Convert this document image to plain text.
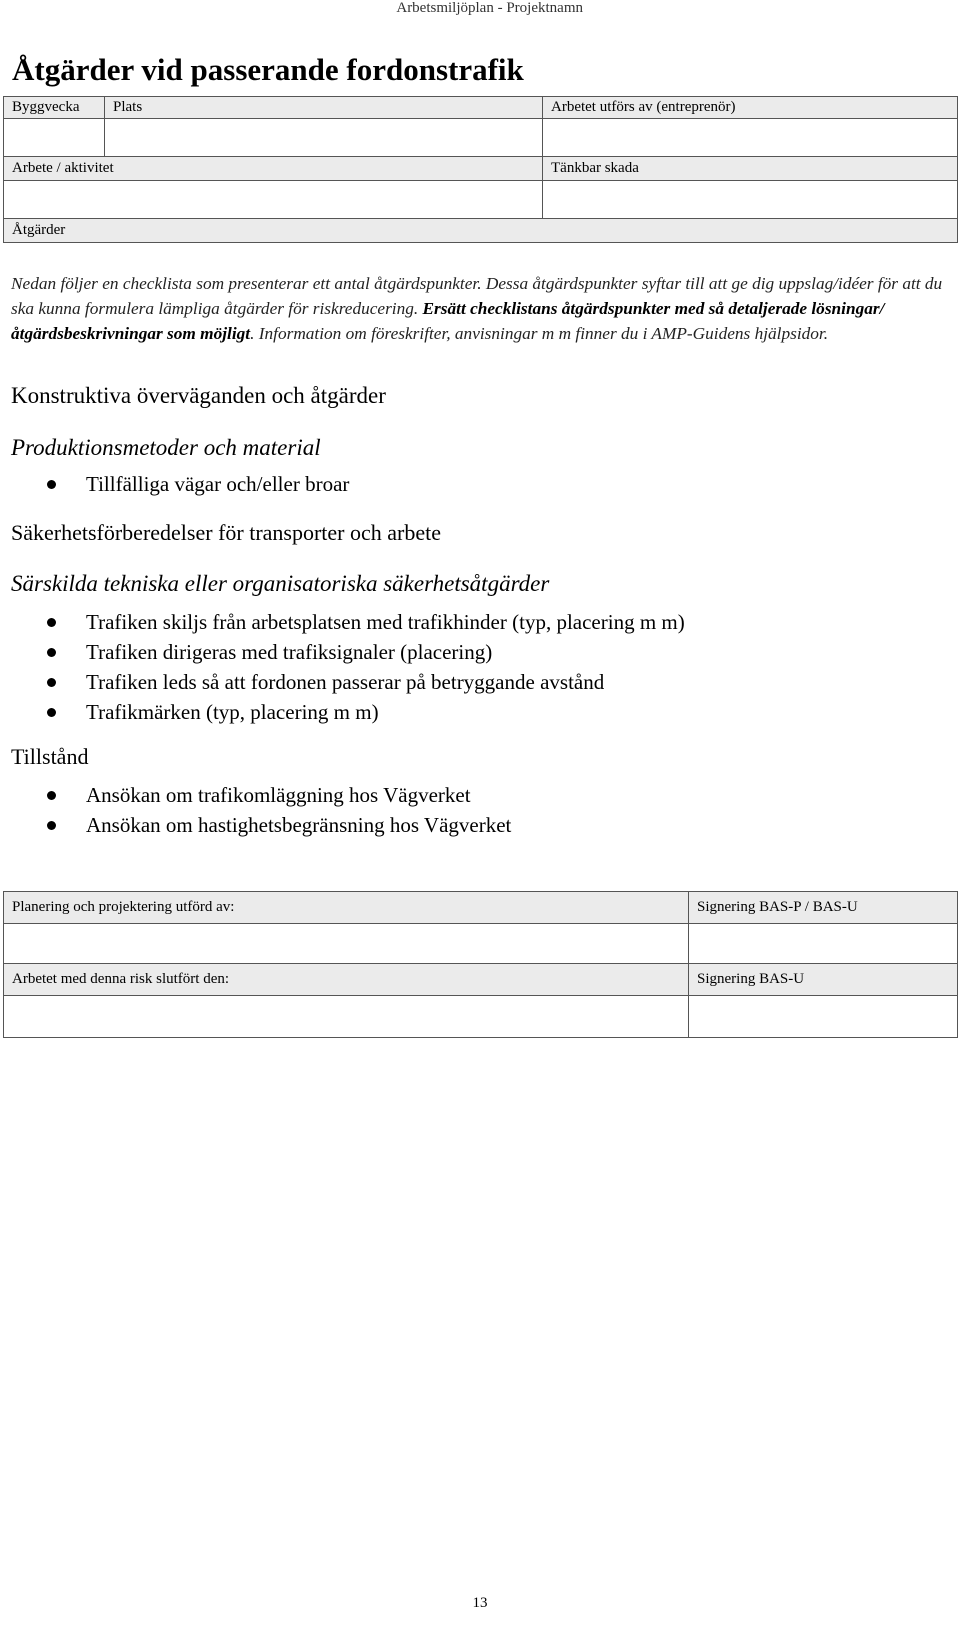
Arbetsmiljöplan - Projektnamn
Åtgärder vid passerande fordonstrafik
Byggvecka	Plats	Arbetet utförs av (entreprenör)

Arbete / aktivitet		Tänkbar skada

Åtgärder		

Nedan följer en checklista som presenterar ett antal åtgärdspunkter. Dessa åtgärdspunkter syftar till att ge dig uppslag/idéer för att du ska kunna formulera lämpliga åtgärder för riskreducering. Ersätt checklistans åtgärdspunkter med så detaljerade lösningar/åtgärdsbeskrivningar som möjligt. Information om föreskrifter, anvisningar m m finner du i AMP-Guidens hjälpsidor.

Konstruktiva överväganden och åtgärder
Produktionsmetoder och material
Tillfälliga vägar och/eller broar
Säkerhetsförberedelser för transporter och arbete
Särskilda tekniska eller organisatoriska säkerhetsåtgärder
Trafiken skiljs från arbetsplatsen med trafikhinder (typ, placering m m)
Trafiken dirigeras med trafiksignaler (placering)
Trafiken leds så att fordonen passerar på betryggande avstånd
Trafikmärken (typ, placering m m)
Tillstånd
Ansökan om trafikomläggning hos Vägverket
Ansökan om hastighetsbegränsning hos Vägverket
Planering och projektering utförd av:	Signering BAS-P / BAS-U

Arbetet med denna risk slutfört den:	Signering BAS-U

13
